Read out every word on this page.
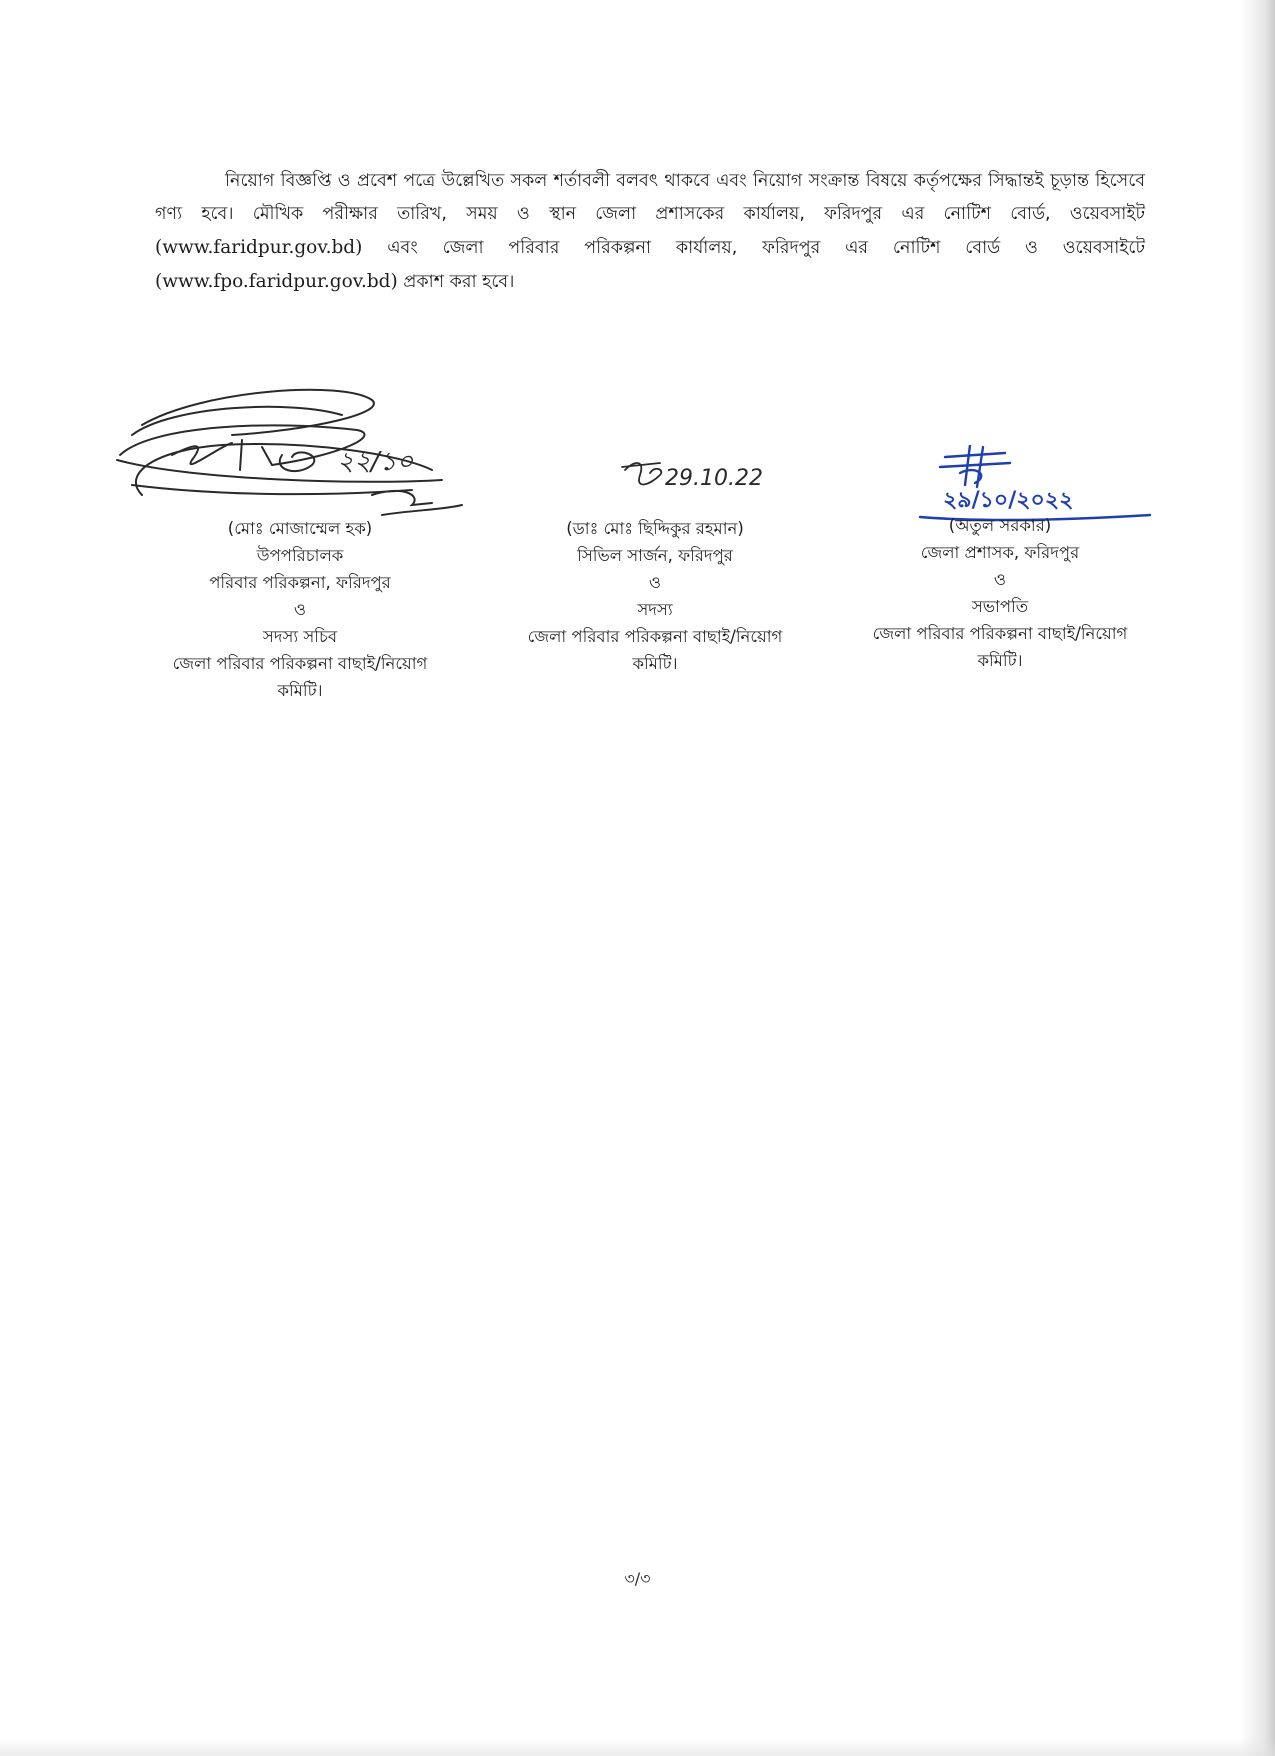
নিয়োগ বিজ্ঞপ্তি ও প্রবেশ পত্রে উল্লেখিত সকল শর্তাবলী বলবৎ থাকবে এবং নিয়োগ সংক্রান্ত বিষয়ে কর্তৃপক্ষের সিদ্ধান্তই চূড়ান্ত হিসেবে গণ্য হবে। মৌখিক পরীক্ষার তারিখ, সময় ও স্থান জেলা প্রশাসকের কার্যালয়, ফরিদপুর এর নোটিশ বোর্ড, ওয়েবসাইট (www.faridpur.gov.bd) এবং জেলা পরিবার পরিকল্পনা কার্যালয়, ফরিদপুর এর নোটিশ বোর্ড ও ওয়েবসাইটে (www.fpo.faridpur.gov.bd) প্রকাশ করা হবে।
২২/১০
29.10.22
২৯/১০/২০২২
(মোঃ মোজাম্মেল হক)
উপপরিচালক
পরিবার পরিকল্পনা, ফরিদপুর
ও
সদস্য সচিব
জেলা পরিবার পরিকল্পনা বাছাই/নিয়োগ
কমিটি।
(ডাঃ মোঃ ছিদ্দিকুর রহমান)
সিভিল সার্জন, ফরিদপুর
ও
সদস্য
জেলা পরিবার পরিকল্পনা বাছাই/নিয়োগ
কমিটি।
(অতুল সরকার)
জেলা প্রশাসক, ফরিদপুর
ও
সভাপতি
জেলা পরিবার পরিকল্পনা বাছাই/নিয়োগ
কমিটি।
৩/৩
